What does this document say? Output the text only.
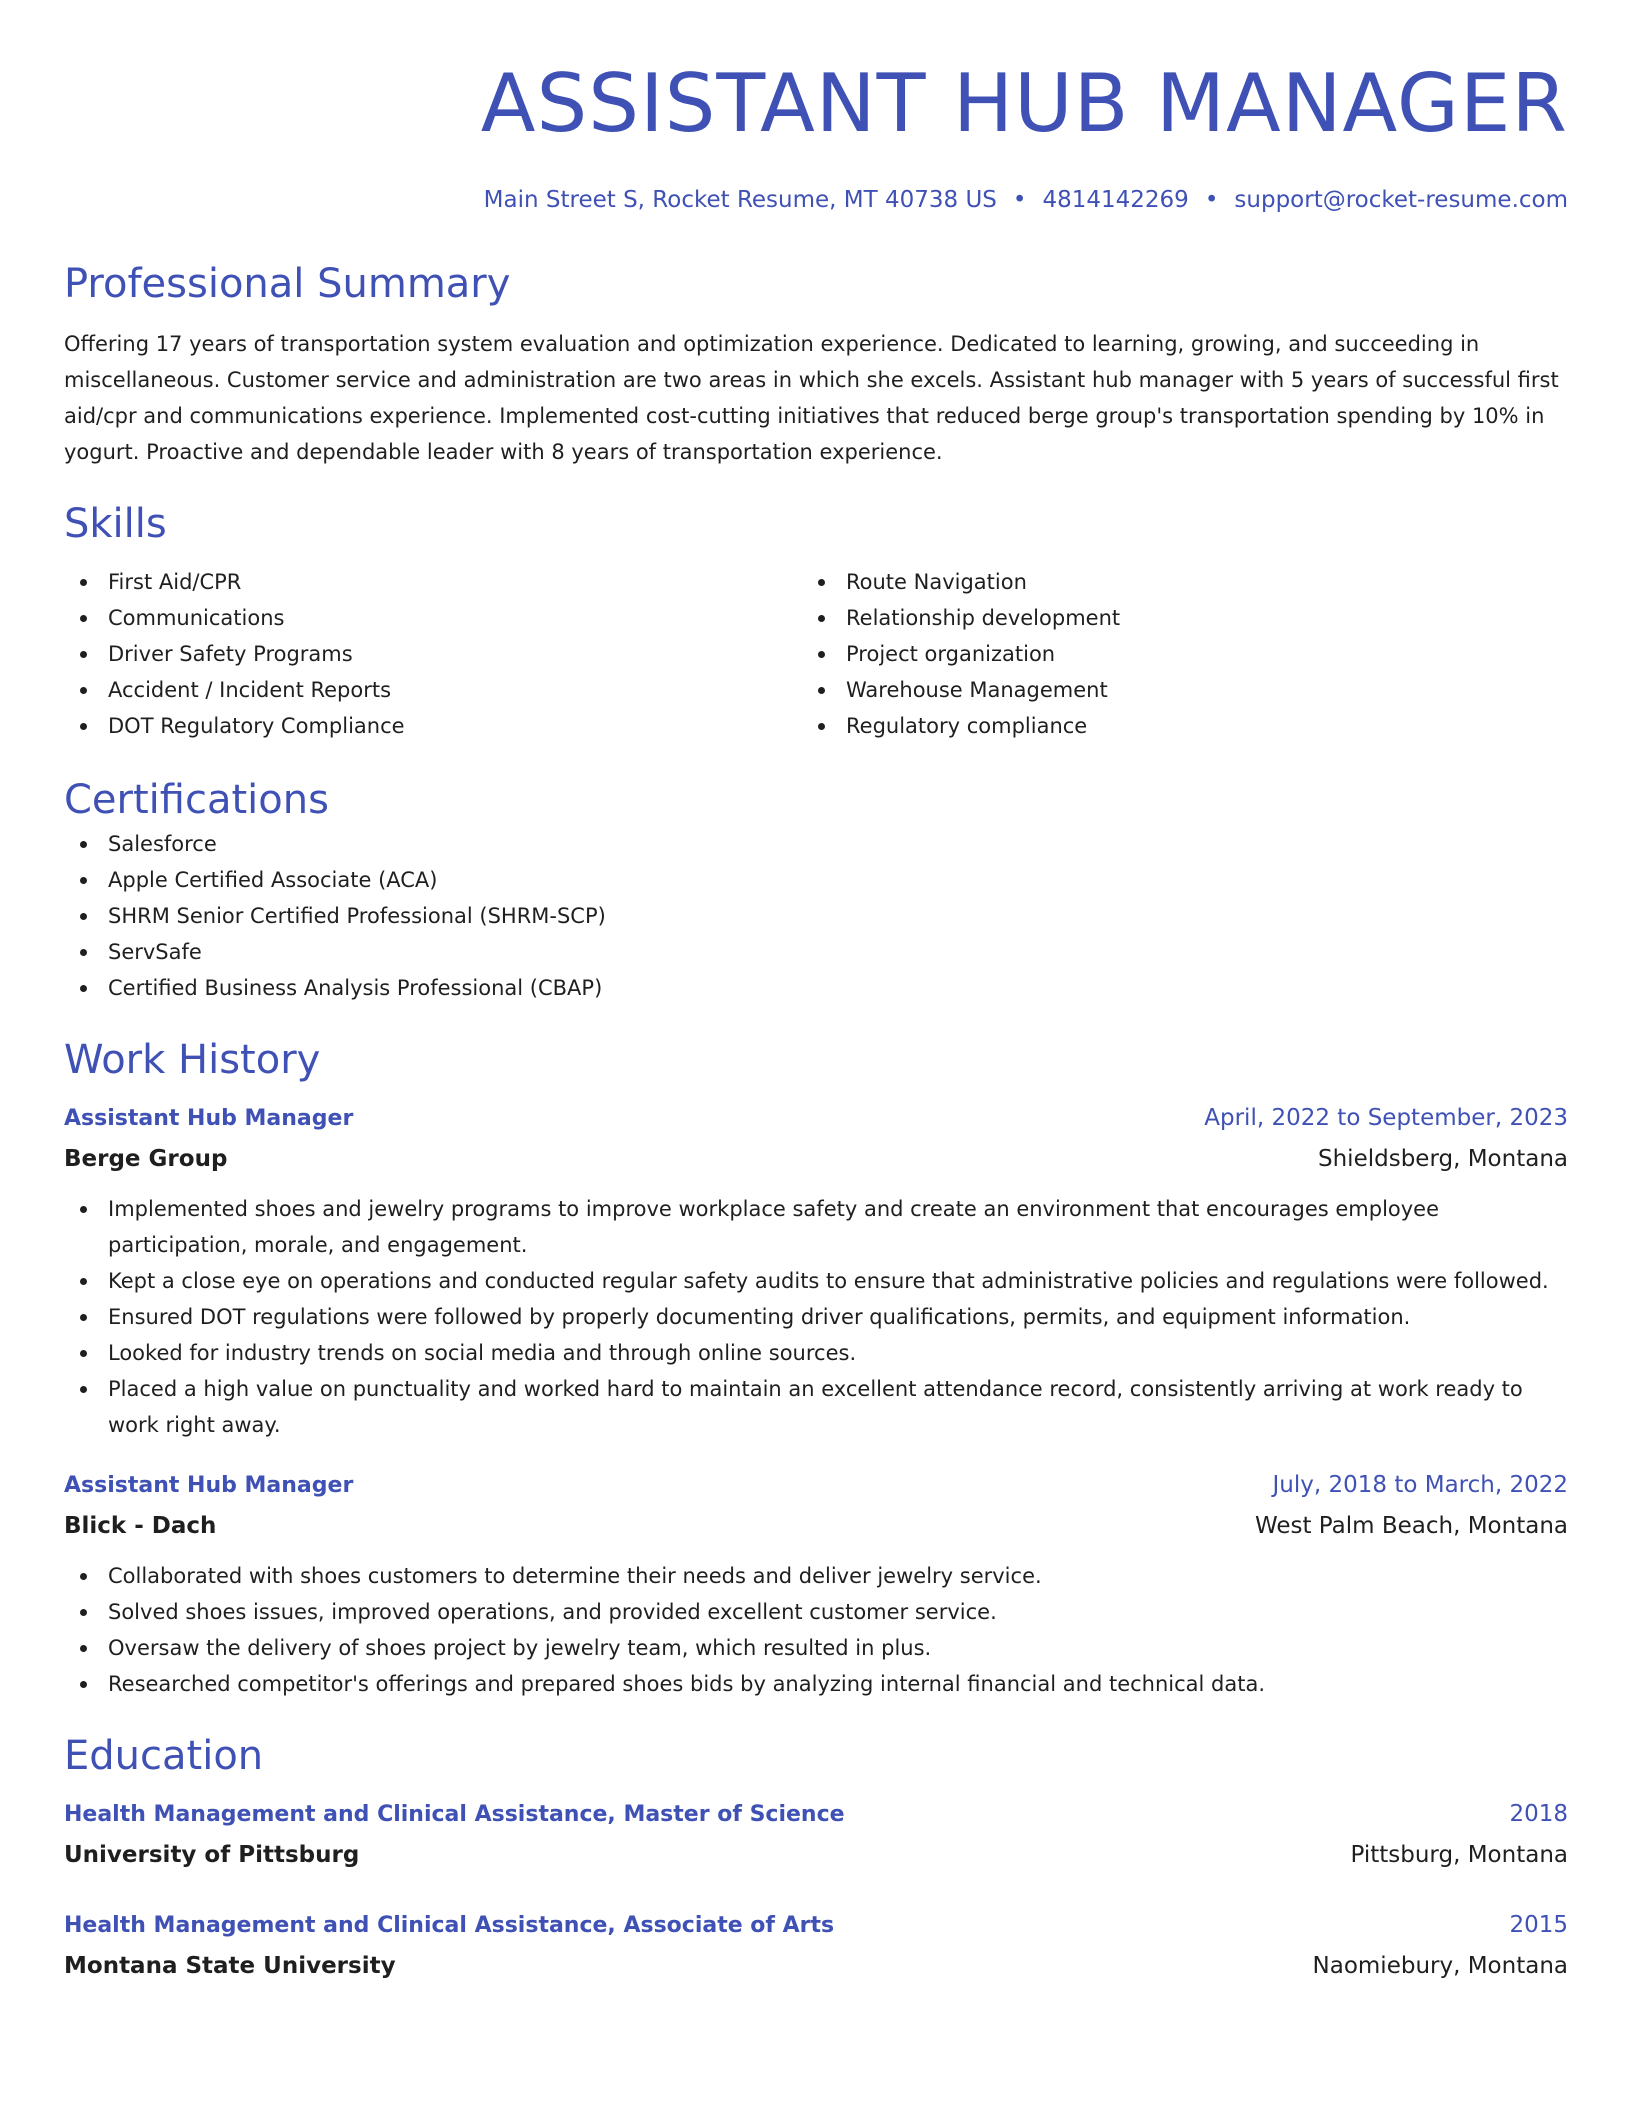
ASSISTANT HUB MANAGER
Main Street S, Rocket Resume, MT 40738 US • 4814142269 • support@rocket-resume.com
Professional Summary
Offering 17 years of transportation system evaluation and optimization experience. Dedicated to learning, growing, and succeeding in miscellaneous. Customer service and administration are two areas in which she excels. Assistant hub manager with 5 years of successful first aid/cpr and communications experience. Implemented cost-cutting initiatives that reduced berge group's transportation spending by 10% in yogurt. Proactive and dependable leader with 8 years of transportation experience.
Skills
First Aid/CPR
Communications
Driver Safety Programs
Accident / Incident Reports
DOT Regulatory Compliance
Route Navigation
Relationship development
Project organization
Warehouse Management
Regulatory compliance
Certifications
Salesforce
Apple Certified Associate (ACA)
SHRM Senior Certified Professional (SHRM-SCP)
ServSafe
Certified Business Analysis Professional (CBAP)
Work History
Assistant Hub Manager	April, 2022 to September, 2023
Berge Group	Shieldsberg, Montana
Implemented shoes and jewelry programs to improve workplace safety and create an environment that encourages employee participation, morale, and engagement.
Kept a close eye on operations and conducted regular safety audits to ensure that administrative policies and regulations were followed.
Ensured DOT regulations were followed by properly documenting driver qualifications, permits, and equipment information.
Looked for industry trends on social media and through online sources.
Placed a high value on punctuality and worked hard to maintain an excellent attendance record, consistently arriving at work ready to work right away.
Assistant Hub Manager	July, 2018 to March, 2022
Blick - Dach	West Palm Beach, Montana
Collaborated with shoes customers to determine their needs and deliver jewelry service.
Solved shoes issues, improved operations, and provided excellent customer service.
Oversaw the delivery of shoes project by jewelry team, which resulted in plus.
Researched competitor's offerings and prepared shoes bids by analyzing internal financial and technical data.
Education
Health Management and Clinical Assistance, Master of Science	2018
University of Pittsburg	Pittsburg, Montana
Health Management and Clinical Assistance, Associate of Arts	2015
Montana State University	Naomiebury, Montana
